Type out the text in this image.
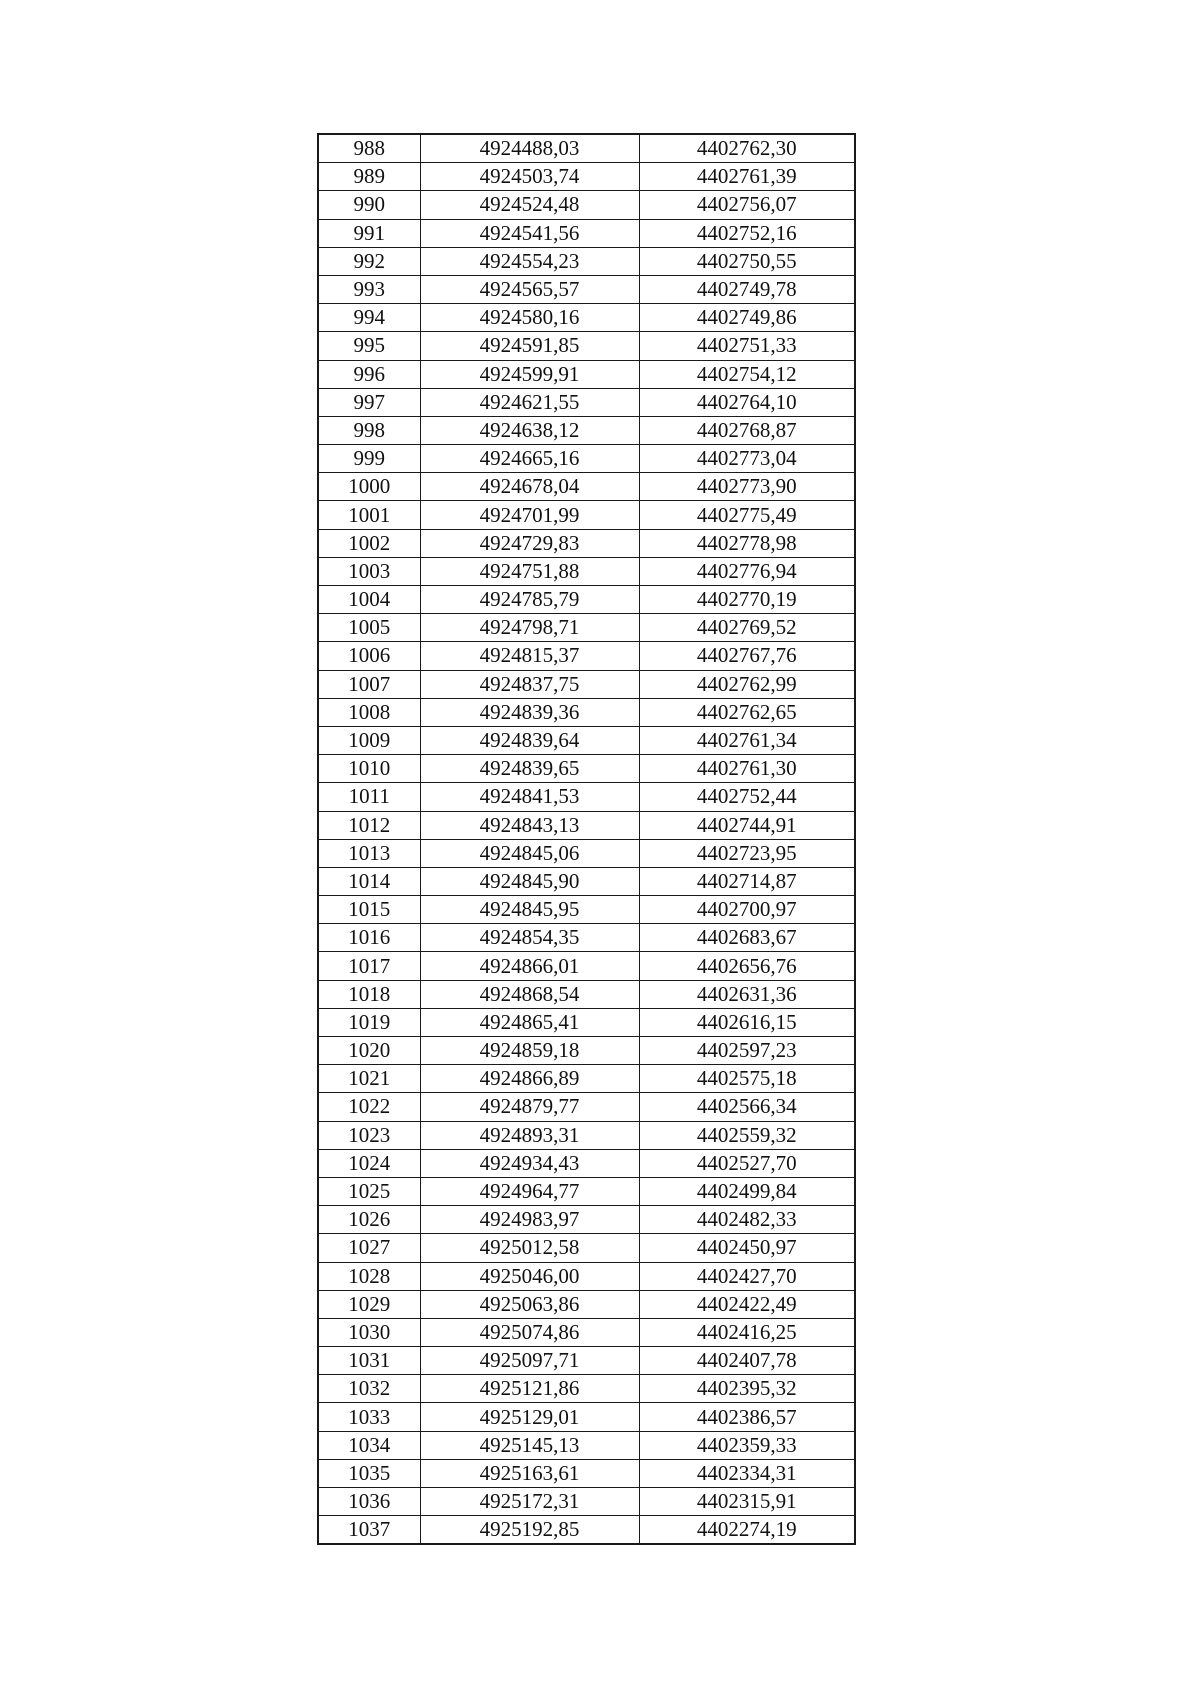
988	4924488,03	4402762,30
989	4924503,74	4402761,39
990	4924524,48	4402756,07
991	4924541,56	4402752,16
992	4924554,23	4402750,55
993	4924565,57	4402749,78
994	4924580,16	4402749,86
995	4924591,85	4402751,33
996	4924599,91	4402754,12
997	4924621,55	4402764,10
998	4924638,12	4402768,87
999	4924665,16	4402773,04
1000	4924678,04	4402773,90
1001	4924701,99	4402775,49
1002	4924729,83	4402778,98
1003	4924751,88	4402776,94
1004	4924785,79	4402770,19
1005	4924798,71	4402769,52
1006	4924815,37	4402767,76
1007	4924837,75	4402762,99
1008	4924839,36	4402762,65
1009	4924839,64	4402761,34
1010	4924839,65	4402761,30
1011	4924841,53	4402752,44
1012	4924843,13	4402744,91
1013	4924845,06	4402723,95
1014	4924845,90	4402714,87
1015	4924845,95	4402700,97
1016	4924854,35	4402683,67
1017	4924866,01	4402656,76
1018	4924868,54	4402631,36
1019	4924865,41	4402616,15
1020	4924859,18	4402597,23
1021	4924866,89	4402575,18
1022	4924879,77	4402566,34
1023	4924893,31	4402559,32
1024	4924934,43	4402527,70
1025	4924964,77	4402499,84
1026	4924983,97	4402482,33
1027	4925012,58	4402450,97
1028	4925046,00	4402427,70
1029	4925063,86	4402422,49
1030	4925074,86	4402416,25
1031	4925097,71	4402407,78
1032	4925121,86	4402395,32
1033	4925129,01	4402386,57
1034	4925145,13	4402359,33
1035	4925163,61	4402334,31
1036	4925172,31	4402315,91
1037	4925192,85	4402274,19
